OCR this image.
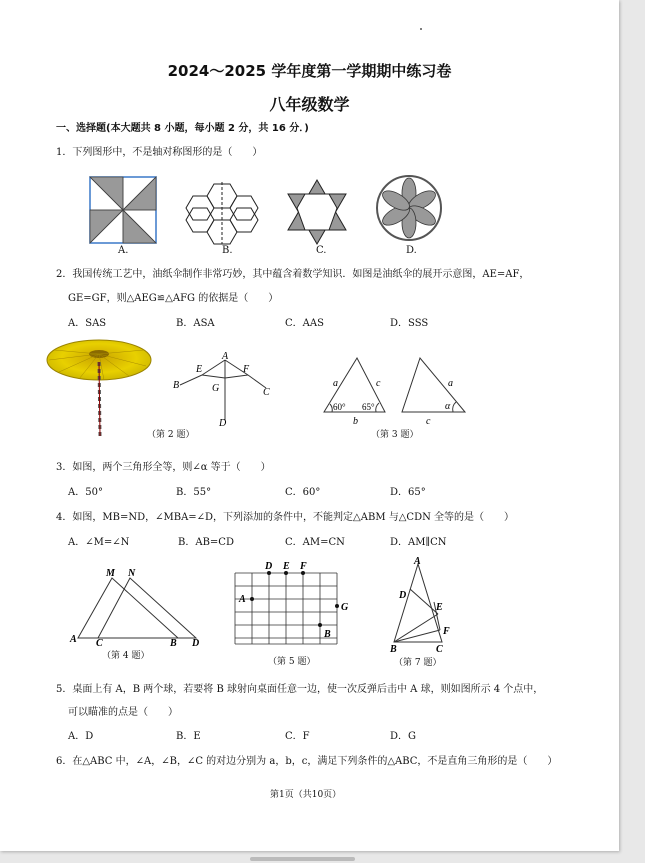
2024～2025 学年度第一学期期中练习卷
八年级数学
一、选择题(本大题共 8 小题，每小题 2 分，共 16 分．)
1．下列图形中，不是轴对称图形的是（　　）
A.	B.	C.	D.
2．我国传统工艺中，油纸伞制作非常巧妙，其中蕴含着数学知识．如图是油纸伞的展开示意图，AE=AF，
GE=GF，则△AEG≌△AFG 的依据是（　　）
A．SAS	B．ASA	C．AAS	D．SSS
A
E	F
B	G	C
D
（第 2 题）
a	c
60° 65°
b
a
α
c
（第 3 题）
3．如图，两个三角形全等，则∠α 等于（　　）
A．50°	B．55°	C．60°	D．65°
4．如图，MB=ND，∠MBA=∠D，下列添加的条件中，不能判定△ABM 与△CDN 全等的是（　　）
A．∠M=∠N	B．AB=CD	C．AM=CN	D．AM∥CN
M N
A C	B D
（第 4 题）
D E F
A
G
B
（第 5 题）
A
D
E
F
B	C
（第 7 题）
5．桌面上有 A，B 两个球，若要将 B 球射向桌面任意一边，使一次反弹后击中 A 球，则如图所示 4 个点中，
可以瞄准的点是（　　）
A．D	B．E	C．F	D．G
6．在△ABC 中，∠A，∠B，∠C 的对边分别为 a，b，c，满足下列条件的△ABC，不是直角三角形的是（　　）
第1页（共10页）
